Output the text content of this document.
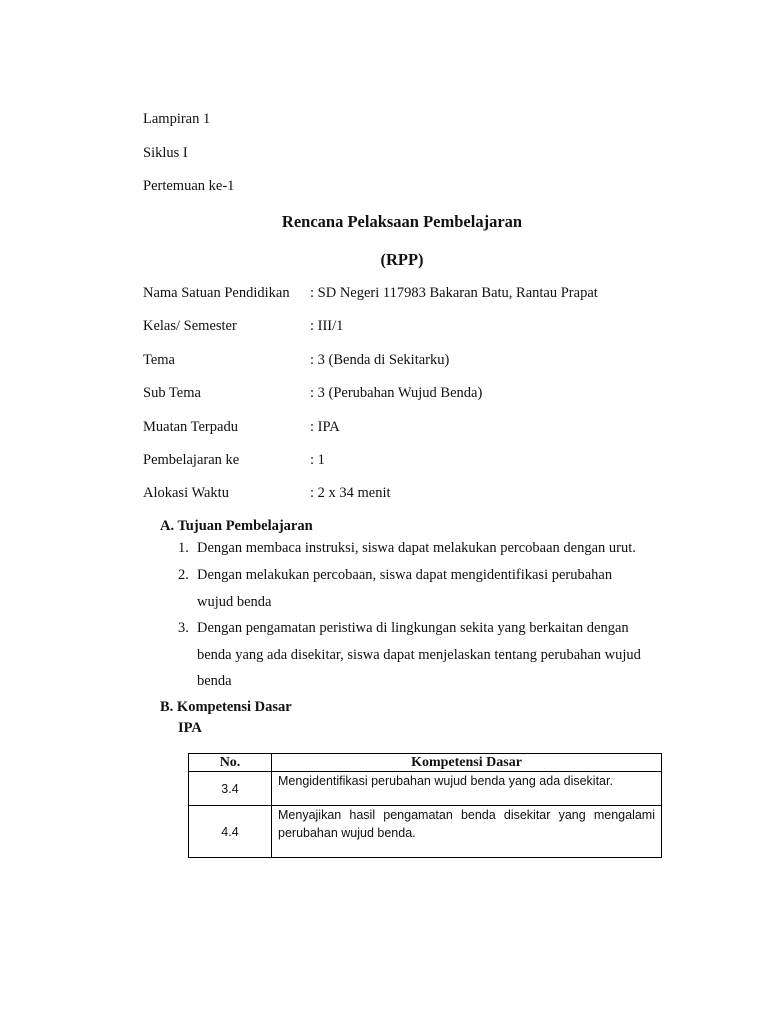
Lampiran 1
Siklus I
Pertemuan ke-1
Rencana Pelaksaan Pembelajaran
(RPP)
Nama Satuan Pendidikan : SD Negeri 117983 Bakaran Batu, Rantau Prapat
Kelas/ Semester	: III/1
Tema	: 3 (Benda di Sekitarku)
Sub Tema	: 3 (Perubahan Wujud Benda)
Muatan Terpadu	: IPA
Pembelajaran ke	: 1
Alokasi Waktu	: 2 x 34 menit
A. Tujuan Pembelajaran
1. Dengan membaca instruksi, siswa dapat melakukan percobaan dengan urut.
2. Dengan melakukan percobaan, siswa dapat mengidentifikasi perubahan
wujud benda
3. Dengan pengamatan peristiwa di lingkungan sekita yang berkaitan dengan
benda yang ada disekitar, siswa dapat menjelaskan tentang perubahan wujud
benda
B. Kompetensi Dasar
IPA
No.	Kompetensi Dasar
3.4	Mengidentifikasi perubahan wujud benda yang ada disekitar.
4.4	Menyajikan hasil pengamatan benda disekitar yang mengalami perubahan wujud benda.
